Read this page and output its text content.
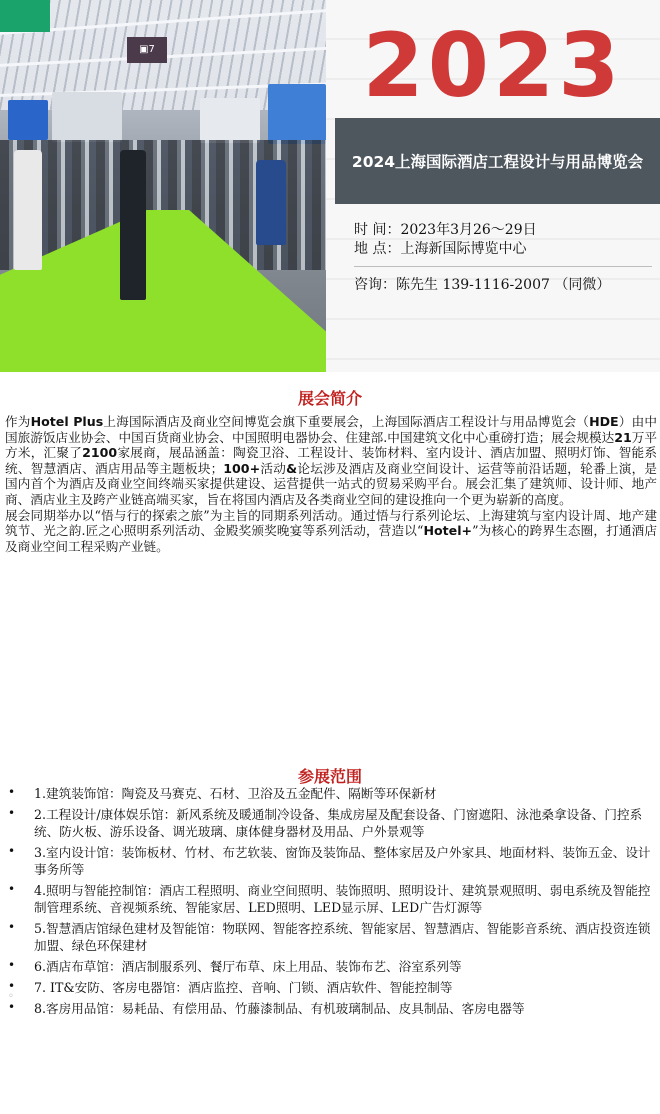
▣7	2023
2024上海国际酒店工程设计与用品博览会
时 间：2023年3月26～29日
地 点：上海新国际博览中心
咨询：陈先生 139-1116-2007 （同微）
展会简介

作为Hotel Plus上海国际酒店及商业空间博览会旗下重要展会，上海国际酒店工程设计与用品博览会（HDE）由中国旅游饭店业协会、中国百货商业协会、中国照明电器协会、住建部.中国建筑文化中心重磅打造；展会规模达21万平方米，汇聚了2100家展商，展品涵盖：陶瓷卫浴、工程设计、装饰材料、室内设计、酒店加盟、照明灯饰、智能系统、智慧酒店、酒店用品等主题板块；100+活动&论坛涉及酒店及商业空间设计、运营等前沿话题，轮番上演，是国内首个为酒店及商业空间终端买家提供建设、运营提供一站式的贸易采购平台。展会汇集了建筑师、设计师、地产商、酒店业主及跨产业链高端买家，旨在将国内酒店及各类商业空间的建设推向一个更为崭新的高度。

展会同期举办以“悟与行的探索之旅”为主旨的同期系列活动。通过悟与行系列论坛、上海建筑与室内设计周、地产建筑节、光之韵.匠之心照明系列活动、金殿奖颁奖晚宴等系列活动，营造以“Hotel+”为核心的跨界生态圈，打通酒店及商业空间工程采购产业链。

参展范围
• 1.建筑装饰馆：陶瓷及马赛克、石材、卫浴及五金配件、隔断等环保新材
• 2.工程设计/康体娱乐馆：新风系统及暖通制冷设备、集成房屋及配套设备、门窗遮阳、泳池桑拿设备、门控系统、防火板、游乐设备、调光玻璃、康体健身器材及用品、户外景观等
• 3.室内设计馆：装饰板材、竹材、布艺软装、窗饰及装饰品、整体家居及户外家具、地面材料、装饰五金、设计事务所等
• 4.照明与智能控制馆：酒店工程照明、商业空间照明、装饰照明、照明设计、建筑景观照明、弱电系统及智能控制管理系统、音视频系统、智能家居、LED照明、LED显示屏、LED广告灯源等
• 5.智慧酒店馆绿色建材及智能馆：物联网、智能客控系统、智能家居、智慧酒店、智能影音系统、酒店投资连锁加盟、绿色环保建材
• 6.酒店布草馆：酒店制服系列、餐厅布草、床上用品、装饰布艺、浴室系列等
• 7. IT&安防、客房电器馆：酒店监控、音响、门锁、酒店软件、智能控制等
• 8.客房用品馆：易耗品、有偿用品、竹藤漆制品、有机玻璃制品、皮具制品、客房电器等
◦
